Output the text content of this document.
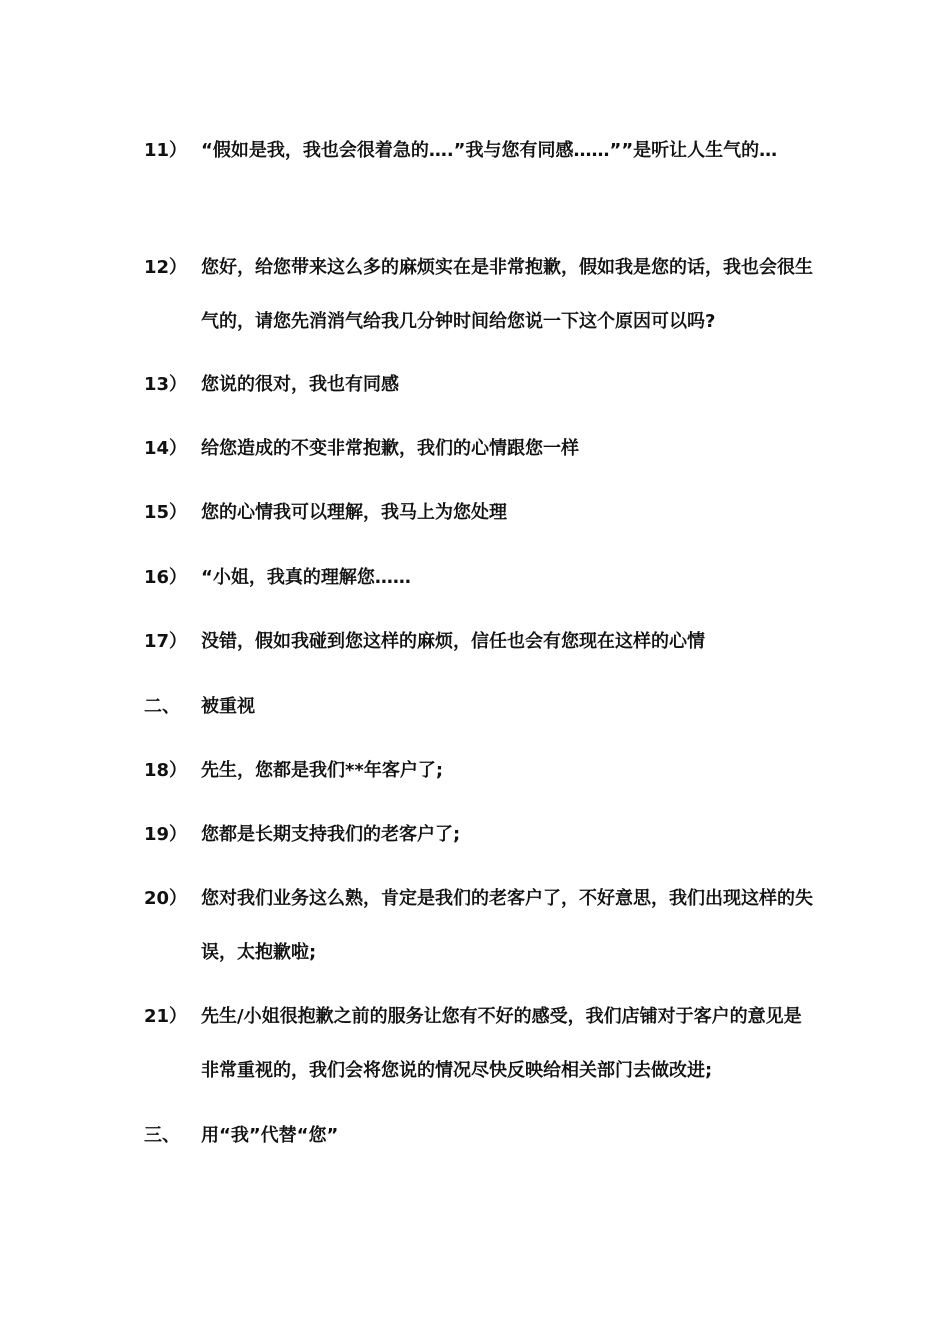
11） “假如是我，我也会很着急的….”我与您有同感……””是听让人生气的…
12） 您好，给您带来这么多的麻烦实在是非常抱歉，假如我是您的话，我也会很生气的，请您先消消气给我几分钟时间给您说一下这个原因可以吗?
13） 您说的很对，我也有同感
14） 给您造成的不变非常抱歉，我们的心情跟您一样
15） 您的心情我可以理解，我马上为您处理
16） “小姐，我真的理解您……
17） 没错，假如我碰到您这样的麻烦，信任也会有您现在这样的心情
二、 被重视
18） 先生，您都是我们**年客户了;
19） 您都是长期支持我们的老客户了;
20） 您对我们业务这么熟，肯定是我们的老客户了，不好意思，我们出现这样的失误，太抱歉啦;
21） 先生/小姐很抱歉之前的服务让您有不好的感受，我们店铺对于客户的意见是非常重视的，我们会将您说的情况尽快反映给相关部门去做改进;
三、 用“我”代替“您”
